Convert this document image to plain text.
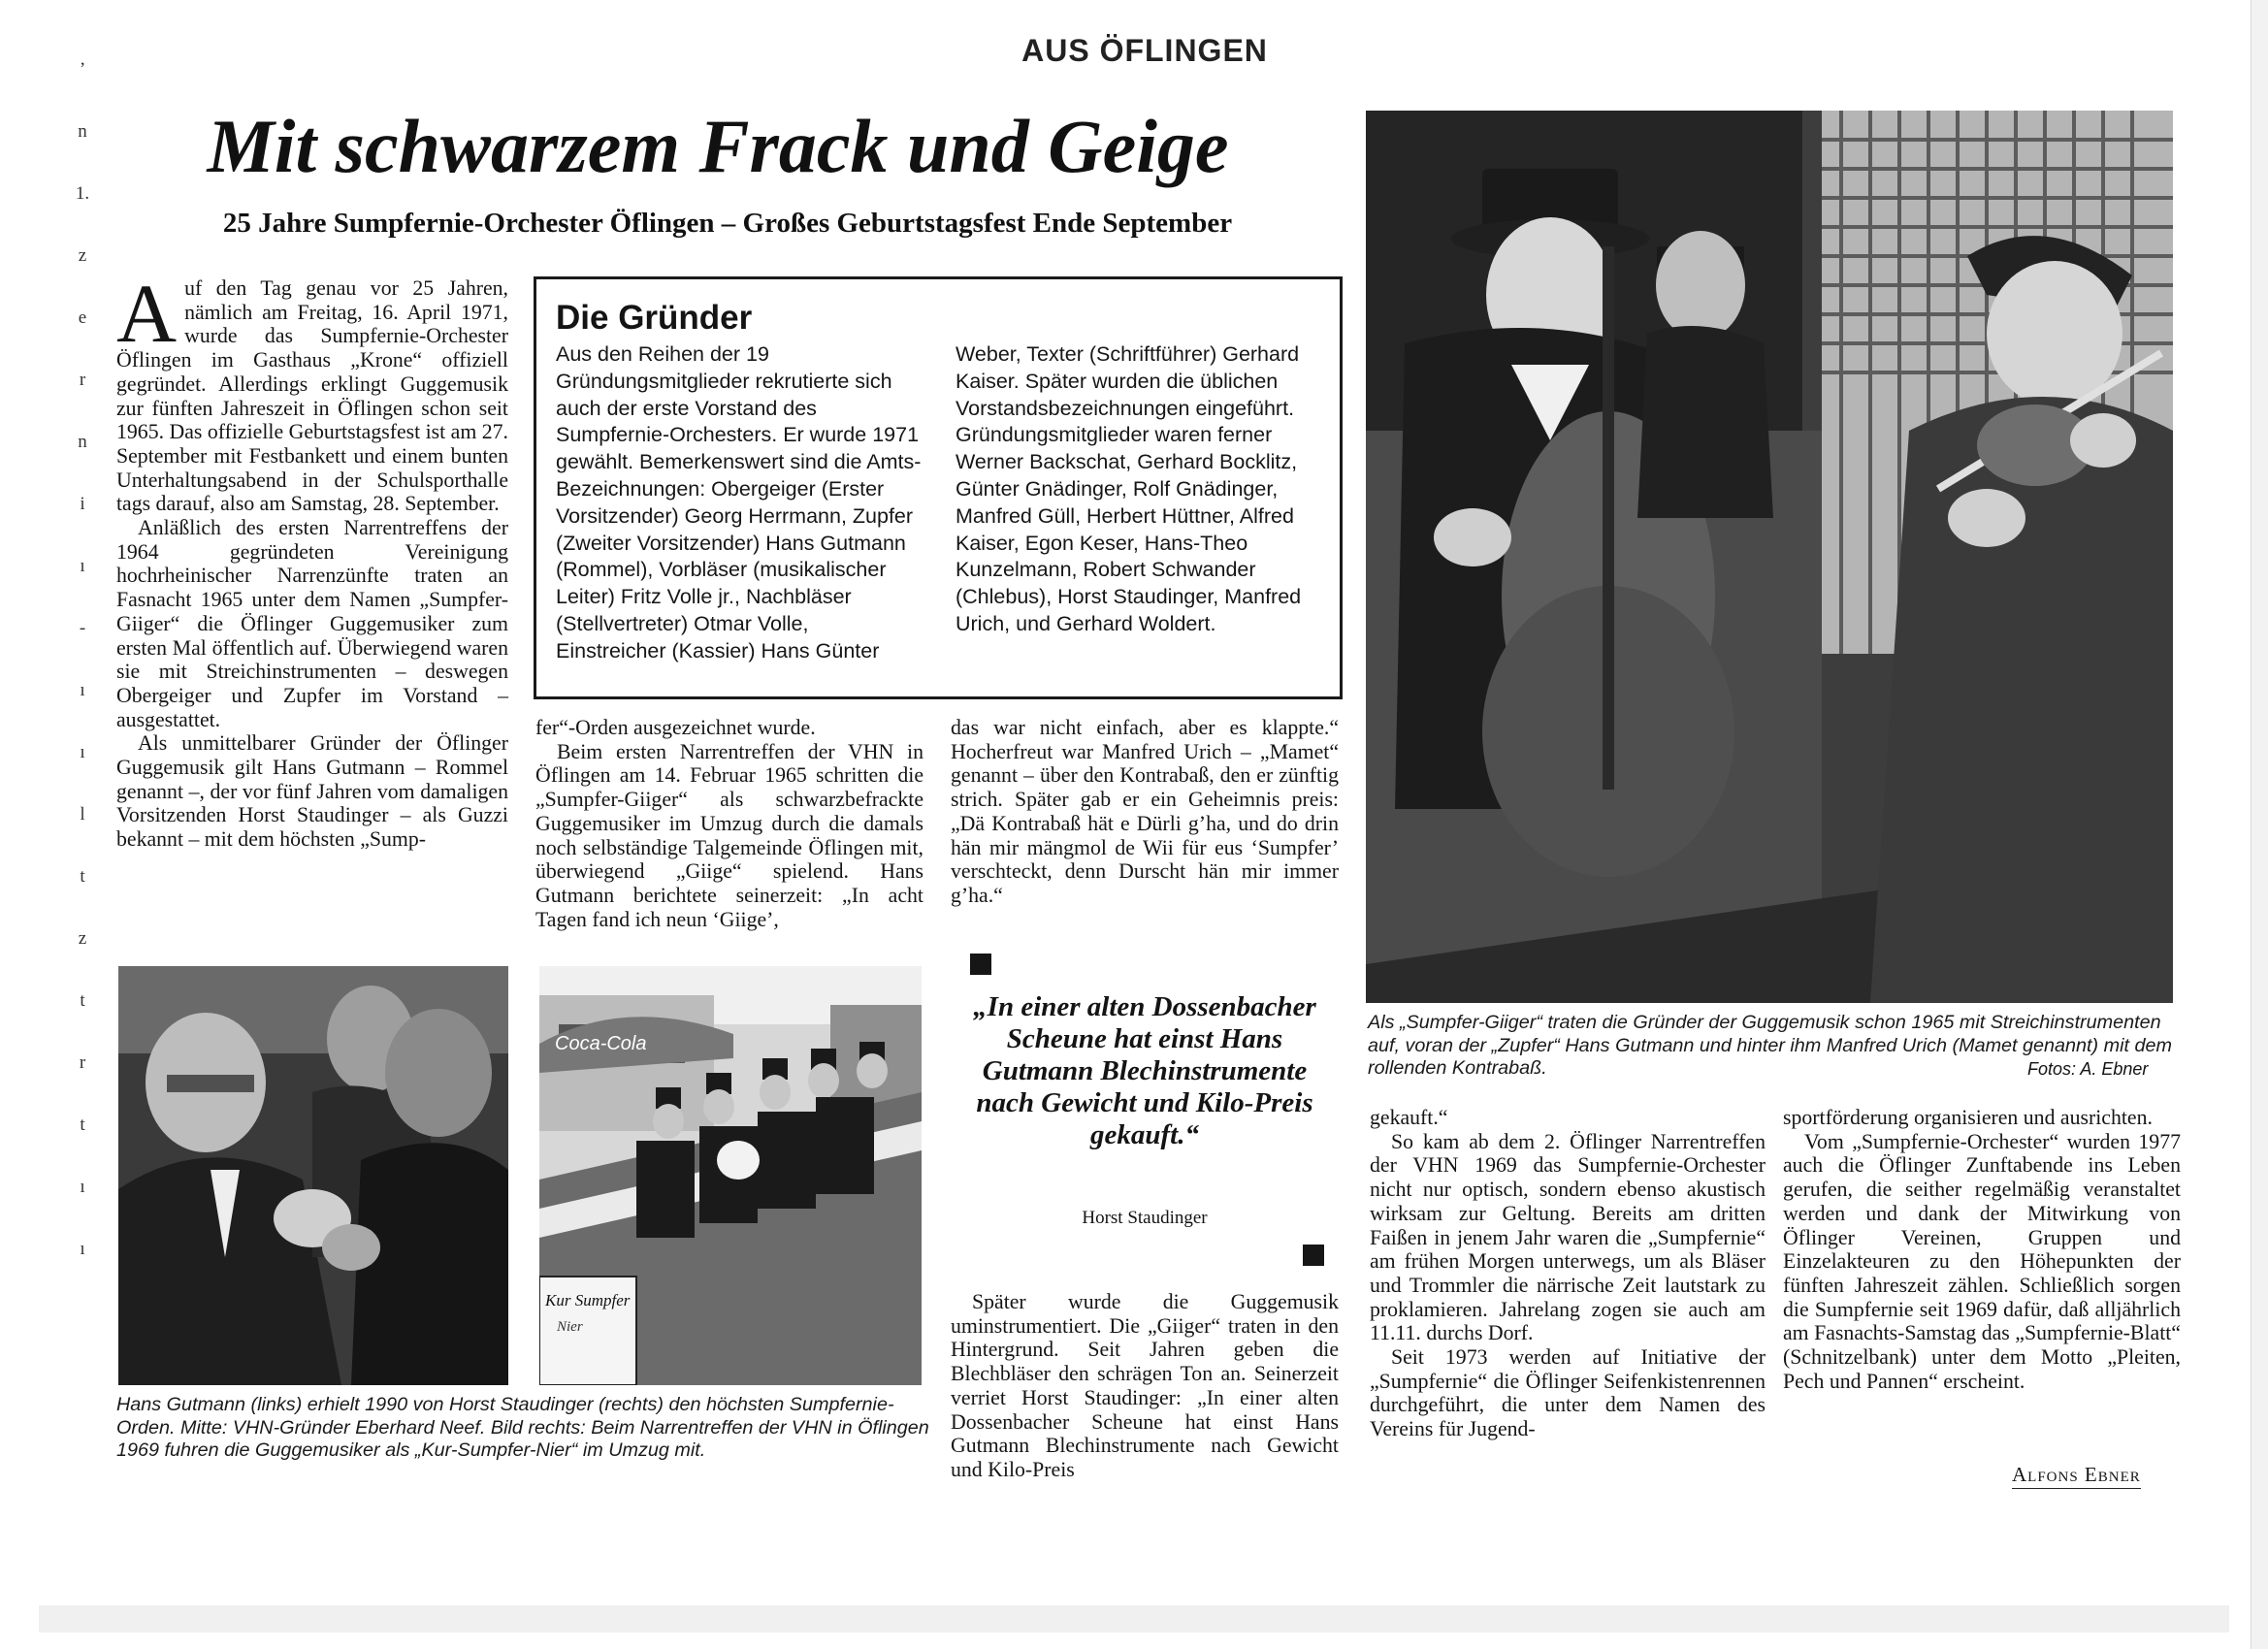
ʼ
n
1.
z
e
r
n
i
ı
-
ı
ı
l
t
z
t
r
t
ı
ı
AUS ÖFLINGEN
Mit schwarzem Frack und Geige
25 Jahre Sumpfernie-Orchester Öflingen – Großes Geburtstagsfest Ende September

Auf den Tag genau vor 25 Jahren, nämlich am Freitag, 16. April 1971, wurde das Sumpfernie-Orchester Öflingen im Gasthaus „Krone“ offiziell gegründet. Allerdings erklingt Guggemusik zur fünften Jahreszeit in Öflingen schon seit 1965. Das offizielle Geburtstagsfest ist am 27. September mit Festbankett und einem bunten Unterhaltungsabend in der Schulsporthalle tags darauf, also am Samstag, 28. September.

Anläßlich des ersten Narrentreffens der 1964 gegründeten Vereinigung hochrheinischer Narrenzünfte traten an Fasnacht 1965 unter dem Namen „Sumpfer-Giiger“ die Öflinger Guggemusiker zum ersten Mal öffentlich auf. Überwiegend waren sie mit Streichinstrumenten – deswegen Obergeiger und Zupfer im Vorstand – ausgestattet.

Als unmittelbarer Gründer der Öflinger Guggemusik gilt Hans Gutmann – Rommel genannt –, der vor fünf Jahren vom damaligen Vorsitzenden Horst Staudinger – als Guzzi bekannt – mit dem höchsten „Sump-

Die Gründer
Aus den Reihen der 19 Gründungsmitglieder rekrutierte sich auch der erste Vorstand des Sumpfernie-Orchesters. Er wurde 1971 gewählt. Bemerkenswert sind die Amts-Bezeichnungen: Obergeiger (Erster Vorsitzender) Georg Herrmann, Zupfer (Zweiter Vorsitzender) Hans Gutmann (Rommel), Vorbläser (musikalischer Leiter) Fritz Volle jr., Nachbläser (Stellvertreter) Otmar Volle, Einstreicher (Kassier) Hans Günter Weber, Texter (Schriftführer) Gerhard Kaiser. Später wurden die üblichen Vorstandsbezeichnungen eingeführt. Gründungsmitglieder waren ferner Werner Backschat, Gerhard Bocklitz, Günter Gnädinger, Rolf Gnädinger, Manfred Güll, Herbert Hüttner, Alfred Kaiser, Egon Keser, Hans-Theo Kunzelmann, Robert Schwander (Chlebus), Horst Staudinger, Manfred Urich, und Gerhard Woldert.

fer“-Orden ausgezeichnet wurde.

Beim ersten Narrentreffen der VHN in Öflingen am 14. Februar 1965 schritten die „Sumpfer-Giiger“ als schwarzbefrackte Guggemusiker im Umzug durch die damals noch selbständige Talgemeinde Öflingen mit, überwiegend „Giige“ spielend. Hans Gutmann berichtete seinerzeit: „In acht Tagen fand ich neun ‘Giige’,

das war nicht einfach, aber es klappte.“ Hocherfreut war Manfred Urich – „Mamet“ genannt – über den Kontrabaß, den er zünftig strich. Später gab er ein Geheimnis preis: „Dä Kontrabaß hät e Dürli g’ha, und do drin hän mir mängmol de Wii für eus ‘Sumpfer’ verschteckt, denn Durscht hän mir immer g’ha.“

„In einer alten Dossenbacher Scheune hat einst Hans Gutmann Blechinstrumente nach Gewicht und Kilo-Preis gekauft.“
Horst Staudinger

Später wurde die Guggemusik uminstrumentiert. Die „Giiger“ traten in den Hintergrund. Seit Jahren geben die Blechbläser den schrägen Ton an. Seinerzeit verriet Horst Staudinger: „In einer alten Dossenbacher Scheune hat einst Hans Gutmann Blechinstrumente nach Gewicht und Kilo-Preis

gekauft.“

So kam ab dem 2. Öflinger Narrentreffen der VHN 1969 das Sumpfernie-Orchester nicht nur optisch, sondern ebenso akustisch wirksam zur Geltung. Bereits am dritten Faißen in jenem Jahr waren die „Sumpfernie“ am frühen Morgen unterwegs, um als Bläser und Trommler die närrische Zeit lautstark zu proklamieren. Jahrelang zogen sie auch am 11.11. durchs Dorf.

Seit 1973 werden auf Initiative der „Sumpfernie“ die Öflinger Seifenkistenrennen durchgeführt, die unter dem Namen des Vereins für Jugend-

sportförderung organisieren und ausrichten.

Vom „Sumpfernie-Orchester“ wurden 1977 auch die Öflinger Zunftabende ins Leben gerufen, die seither regelmäßig veranstaltet werden und dank der Mitwirkung von Öflinger Vereinen, Gruppen und Einzelakteuren zu den Höhepunkten der fünften Jahreszeit zählen. Schließlich sorgen die Sumpfernie seit 1969 dafür, daß alljährlich am Fasnachts-Samstag das „Sumpfernie-Blatt“ (Schnitzelbank) unter dem Motto „Pleiten, Pech und Pannen“ erscheint.

Alfons Ebner
Coca-Cola
Kur Sumpfer
Nier
Hans Gutmann (links) erhielt 1990 von Horst Staudinger (rechts) den höchsten Sumpfernie-Orden. Mitte: VHN-Gründer Eberhard Neef. Bild rechts: Beim Narrentreffen der VHN in Öflingen 1969 fuhren die Guggemusiker als „Kur-Sumpfer-Nier“ im Umzug mit.
Als „Sumpfer-Giiger“ traten die Gründer der Guggemusik schon 1965 mit Streichinstrumenten auf, voran der „Zupfer“ Hans Gutmann und hinter ihm Manfred Urich (Mamet genannt) mit dem rollenden Kontrabaß.	Fotos: A. Ebner
